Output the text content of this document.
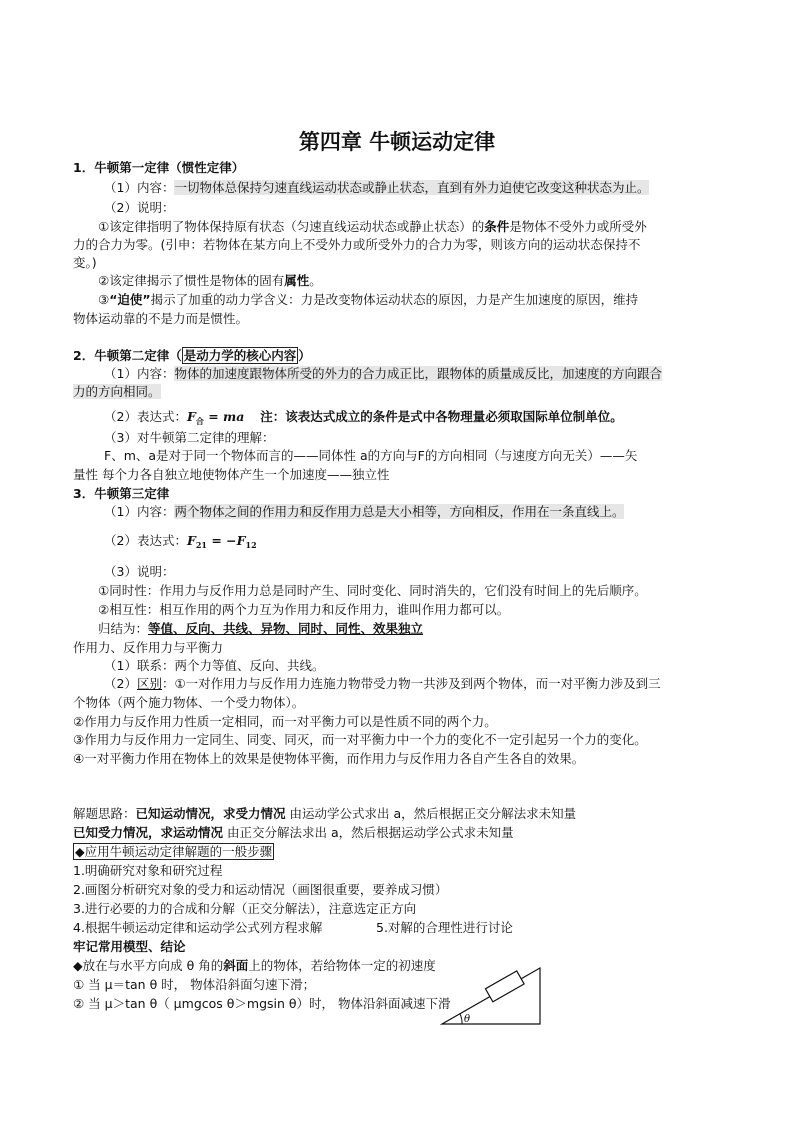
第四章 牛顿运动定律
1．牛顿第一定律（惯性定律）
（1）内容：一切物体总保持匀速直线运动状态或静止状态，直到有外力迫使它改变这种状态为止。
（2）说明：
①该定律指明了物体保持原有状态（匀速直线运动状态或静止状态）的条件是物体不受外力或所受外
力的合力为零。(引申：若物体在某方向上不受外力或所受外力的合力为零，则该方向的运动状态保持不
变。)
②该定律揭示了惯性是物体的固有属性。
③“迫使”揭示了加重的动力学含义：力是改变物体运动状态的原因，力是产生加速度的原因，维持
物体运动靠的不是力而是惯性。
2．牛顿第二定律（ 是动力学的核心内容 ）
（1）内容：物体的加速度跟物体所受的外力的合力成正比，跟物体的质量成反比，加速度的方向跟合
力的方向相同。
（2）表达式：$F_合$ = ma 注：该表达式成立的条件是式中各物理量必须取国际单位制单位。
（3）对牛顿第二定律的理解：
F、m、a是对于同一个物体而言的——同体性 a的方向与F的方向相同（与速度方向无关）——矢
量性 每个力各自独立地使物体产生一个加速度——独立性
3．牛顿第三定律
（1）内容：两个物体之间的作用力和反作用力总是大小相等，方向相反，作用在一条直线上。
（2）表达式：$F_{21} = -F_{12}$
（3）说明：
①同时性：作用力与反作用力总是同时产生、同时变化、同时消失的，它们没有时间上的先后顺序。
②相互性：相互作用的两个力互为作用力和反作用力，谁叫作用力都可以。
归结为：等值、反向、共线、异物、同时、同性、效果独立
作用力、反作用力与平衡力
（1）联系：两个力等值、反向、共线。
（2）区别：①一对作用力与反作用力连施力物带受力物一共涉及到两个物体，而一对平衡力涉及到三
个物体（两个施力物体、一个受力物体）。
②作用力与反作用力性质一定相同，而一对平衡力可以是性质不同的两个力。
③作用力与反作用力一定同生、同变、同灭，而一对平衡力中一个力的变化不一定引起另一个力的变化。
④一对平衡力作用在物体上的效果是使物体平衡，而作用力与反作用力各自产生各自的效果。
解题思路：已知运动情况，求受力情况 由运动学公式求出 a，然后根据正交分解法求未知量
已知受力情况，求运动情况 由正交分解法求出 a，然后根据运动学公式求未知量
◆应用牛顿运动定律解题的一般步骤
1.明确研究对象和研究过程
2.画图分析研究对象的受力和运动情况（画图很重要，要养成习惯）
3.进行必要的力的合成和分解（正交分解法），注意选定正方向
4.根据牛顿运动定律和运动学公式列方程求解	5.对解的合理性进行讨论
牢记常用模型、结论
◆放在与水平方向成 θ 角的斜面上的物体，若给物体一定的初速度
① 当 μ＝tan θ 时， 物体沿斜面匀速下滑；
② 当 μ＞tan θ（ μmgcos θ＞mgsin θ）时， 物体沿斜面减速下滑
θ
